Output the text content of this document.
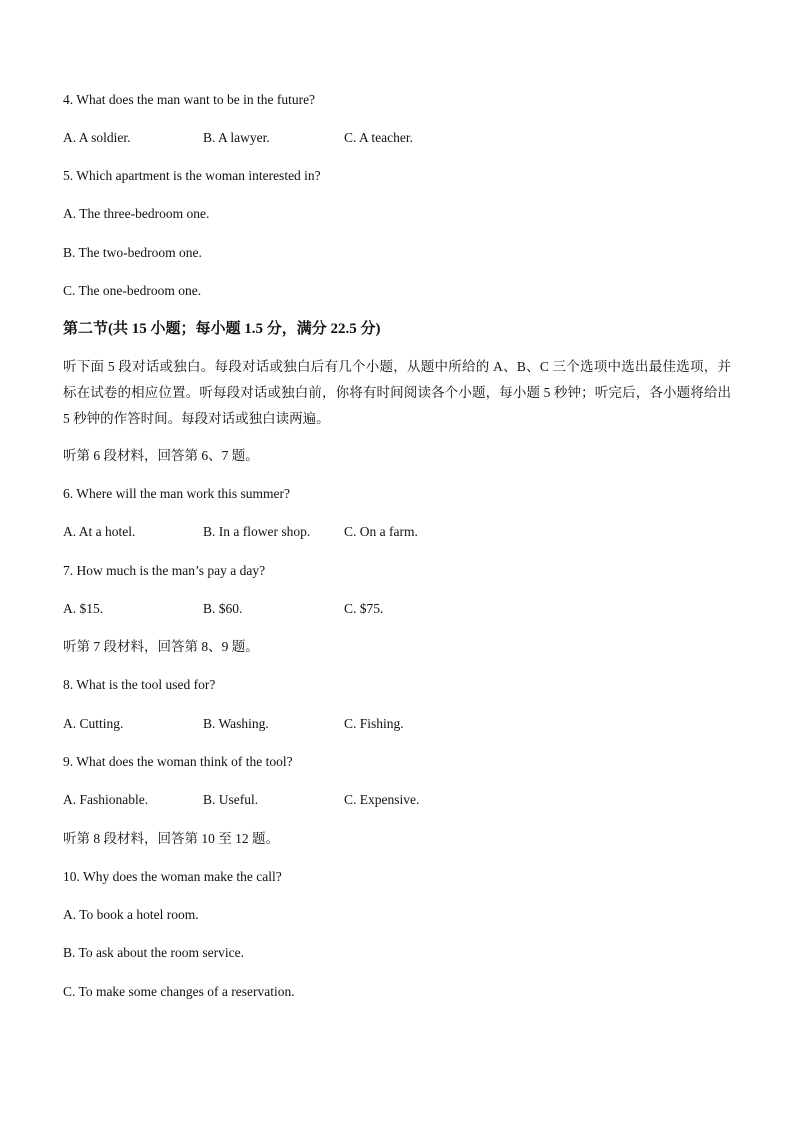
4. What does the man want to be in the future?
A. A soldier.	B. A lawyer.	C. A teacher.
5. Which apartment is the woman interested in?
A. The three-bedroom one.
B. The two-bedroom one.
C. The one-bedroom one.
第二节(共 15 小题；每小题 1.5 分，满分 22.5 分)
听下面 5 段对话或独白。每段对话或独白后有几个小题，从题中所给的 A、B、C 三个选项中选出最佳选项，并标在试卷的相应位置。听每段对话或独白前，你将有时间阅读各个小题，每小题 5 秒钟；听完后，各小题将给出 5 秒钟的作答时间。每段对话或独白读两遍。
听第 6 段材料，回答第 6、7 题。
6. Where will the man work this summer?
A. At a hotel.	B. In a flower shop.	C. On a farm.
7. How much is the man’s pay a day?
A. $15.	B. $60.	C. $75.
听第 7 段材料，回答第 8、9 题。
8. What is the tool used for?
A. Cutting.	B. Washing.	C. Fishing.
9. What does the woman think of the tool?
A. Fashionable.	B. Useful.	C. Expensive.
听第 8 段材料，回答第 10 至 12 题。
10. Why does the woman make the call?
A. To book a hotel room.
B. To ask about the room service.
C. To make some changes of a reservation.
